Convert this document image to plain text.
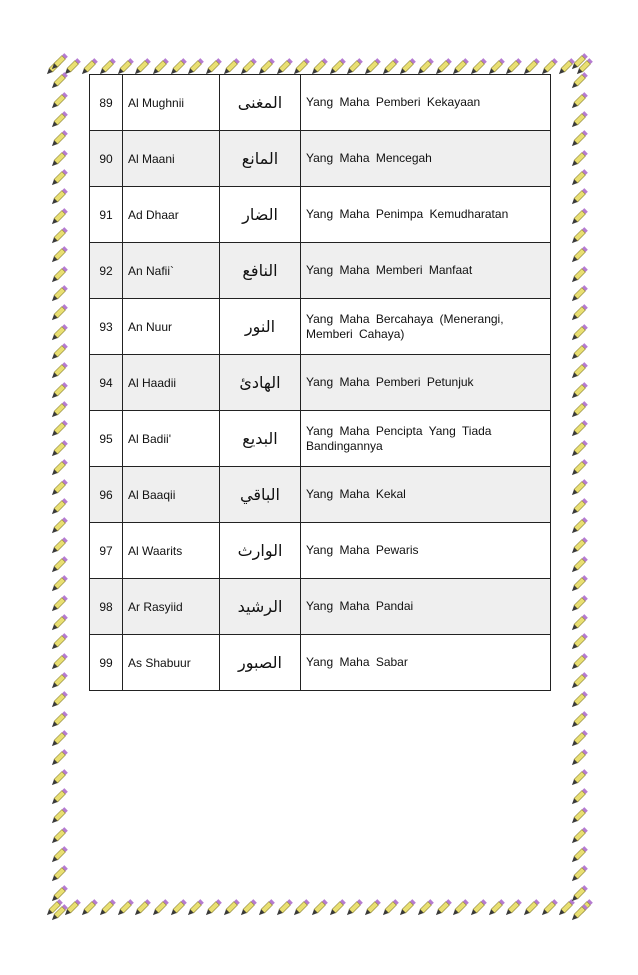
89	Al Mughnii	المغنى	Yang Maha Pemberi Kekayaan
90	Al Maani	المانع	Yang Maha Mencegah
91	Ad Dhaar	الضار	Yang Maha Penimpa Kemudharatan
92	An Nafii`	النافع	Yang Maha Memberi Manfaat
93	An Nuur	النور	Yang Maha Bercahaya (Menerangi, Memberi Cahaya)
94	Al Haadii	الهادئ	Yang Maha Pemberi Petunjuk
95	Al Badii'	البديع	Yang Maha Pencipta Yang Tiada Bandingannya
96	Al Baaqii	الباقي	Yang Maha Kekal
97	Al Waarits	الوارث	Yang Maha Pewaris
98	Ar Rasyiid	الرشيد	Yang Maha Pandai
99	As Shabuur	الصبور	Yang Maha Sabar
